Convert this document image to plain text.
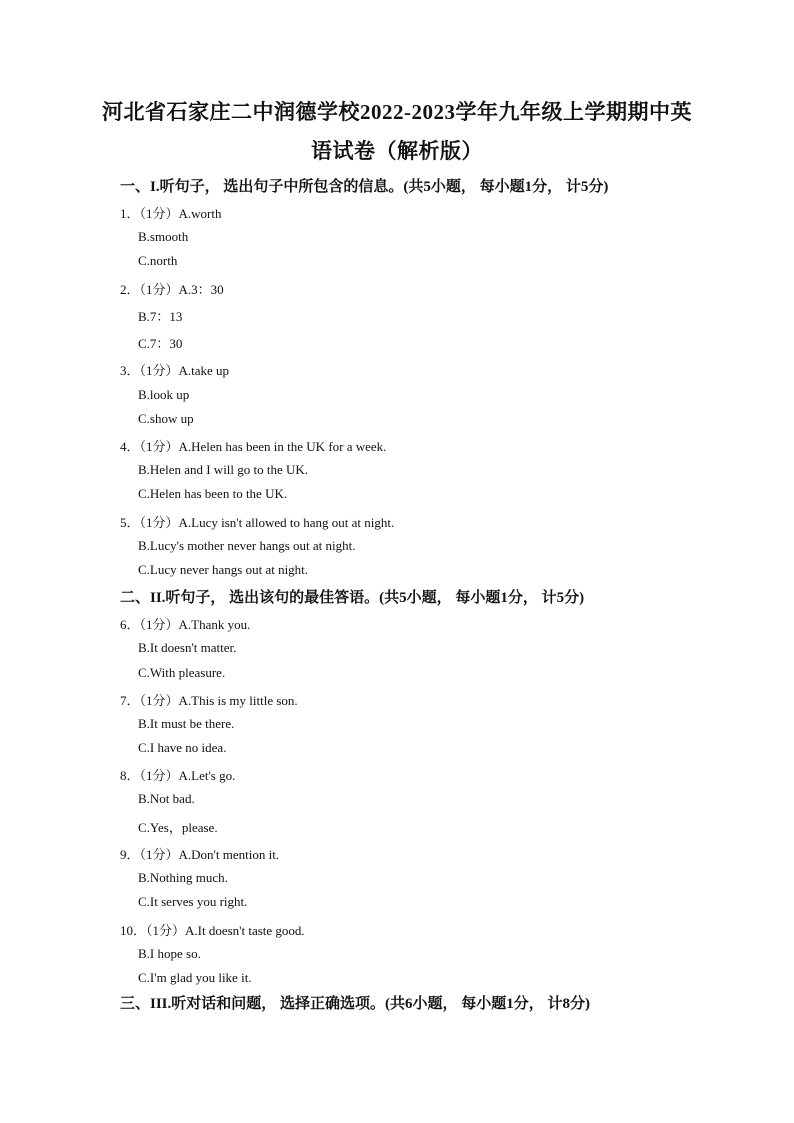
河北省石家庄二中润德学校2022-2023学年九年级上学期期中英
语试卷（解析版）
一、I.听句子， 选出句子中所包含的信息。(共5小题， 每小题1分， 计5分)
1．（1分）A.worth
B.smooth
C.north
2．（1分）A.3：30
B.7：13
C.7：30
3．（1分）A.take up
B.look up
C.show up
4．（1分）A.Helen has been in the UK for a week.
B.Helen and I will go to the UK.
C.Helen has been to the UK.
5．（1分）A.Lucy isn't allowed to hang out at night.
B.Lucy's mother never hangs out at night.
C.Lucy never hangs out at night.
二、II.听句子， 选出该句的最佳答语。(共5小题， 每小题1分， 计5分)
6．（1分）A.Thank you.
B.It doesn't matter.
C.With pleasure.
7．（1分）A.This is my little son.
B.It must be there.
C.I have no idea.
8．（1分）A.Let's go.
B.Not bad.
C.Yes，please.
9．（1分）A.Don't mention it.
B.Nothing much.
C.It serves you right.
10．（1分）A.It doesn't taste good.
B.I hope so.
C.I'm glad you like it.
三、III.听对话和问题， 选择正确选项。(共6小题， 每小题1分， 计8分)
